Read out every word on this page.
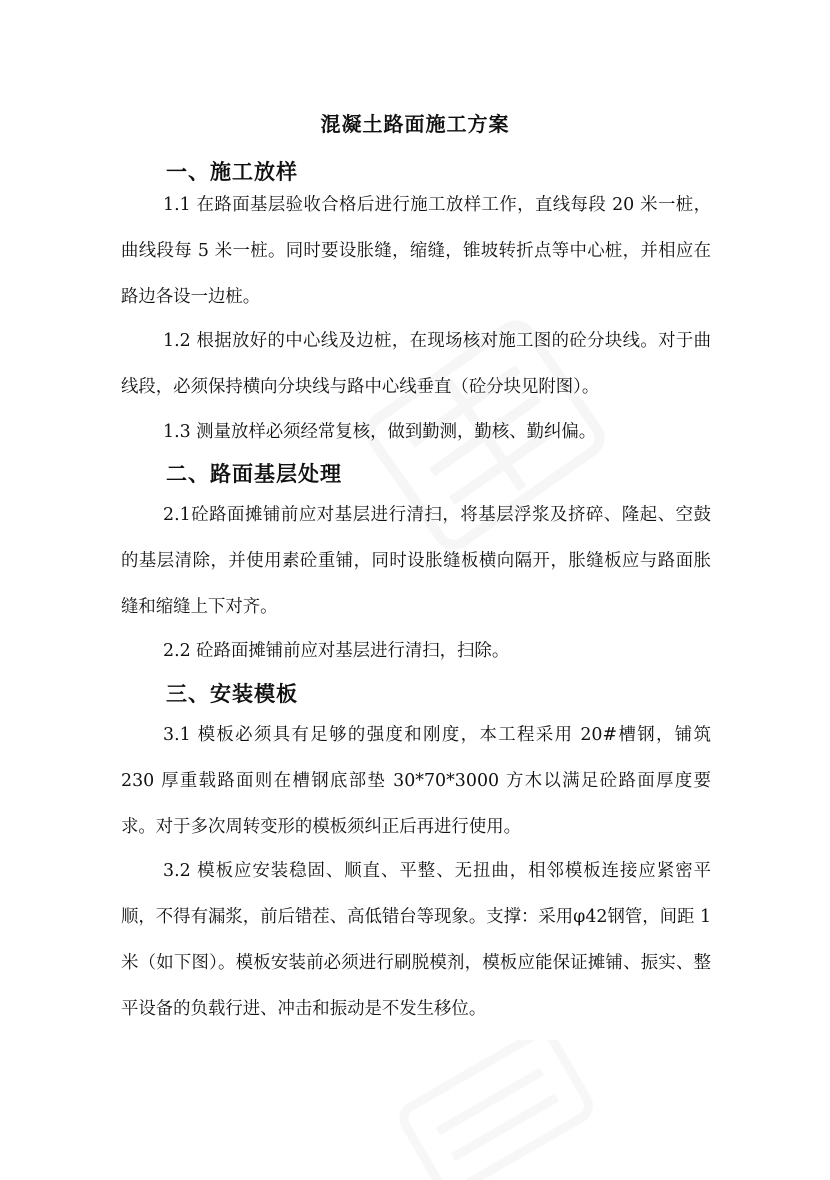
混凝土路面施工方案
一、施工放样

1.1 在路面基层验收合格后进行施工放样工作，直线每段 20 米一桩，曲线段每 5 米一桩。同时要设胀缝，缩缝，锥坡转折点等中心桩，并相应在路边各设一边桩。

1.2 根据放好的中心线及边桩，在现场核对施工图的砼分块线。对于曲线段，必须保持横向分块线与路中心线垂直（砼分块见附图）。

1.3 测量放样必须经常复核，做到勤测，勤核、勤纠偏。

二、路面基层处理

2.1砼路面摊铺前应对基层进行清扫，将基层浮浆及挤碎、隆起、空鼓的基层清除，并使用素砼重铺，同时设胀缝板横向隔开，胀缝板应与路面胀缝和缩缝上下对齐。

2.2 砼路面摊铺前应对基层进行清扫，扫除。

三、安装模板

3.1 模板必须具有足够的强度和刚度，本工程采用 20#槽钢，铺筑 230 厚重载路面则在槽钢底部垫 30*70*3000 方木以满足砼路面厚度要求。对于多次周转变形的模板须纠正后再进行使用。

3.2 模板应安装稳固、顺直、平整、无扭曲，相邻模板连接应紧密平顺，不得有漏浆，前后错茬、高低错台等现象。支撑：采用φ42钢管，间距 1 米（如下图）。模板安装前必须进行刷脱模剂，模板应能保证摊铺、振实、整平设备的负载行进、冲击和振动是不发生移位。
